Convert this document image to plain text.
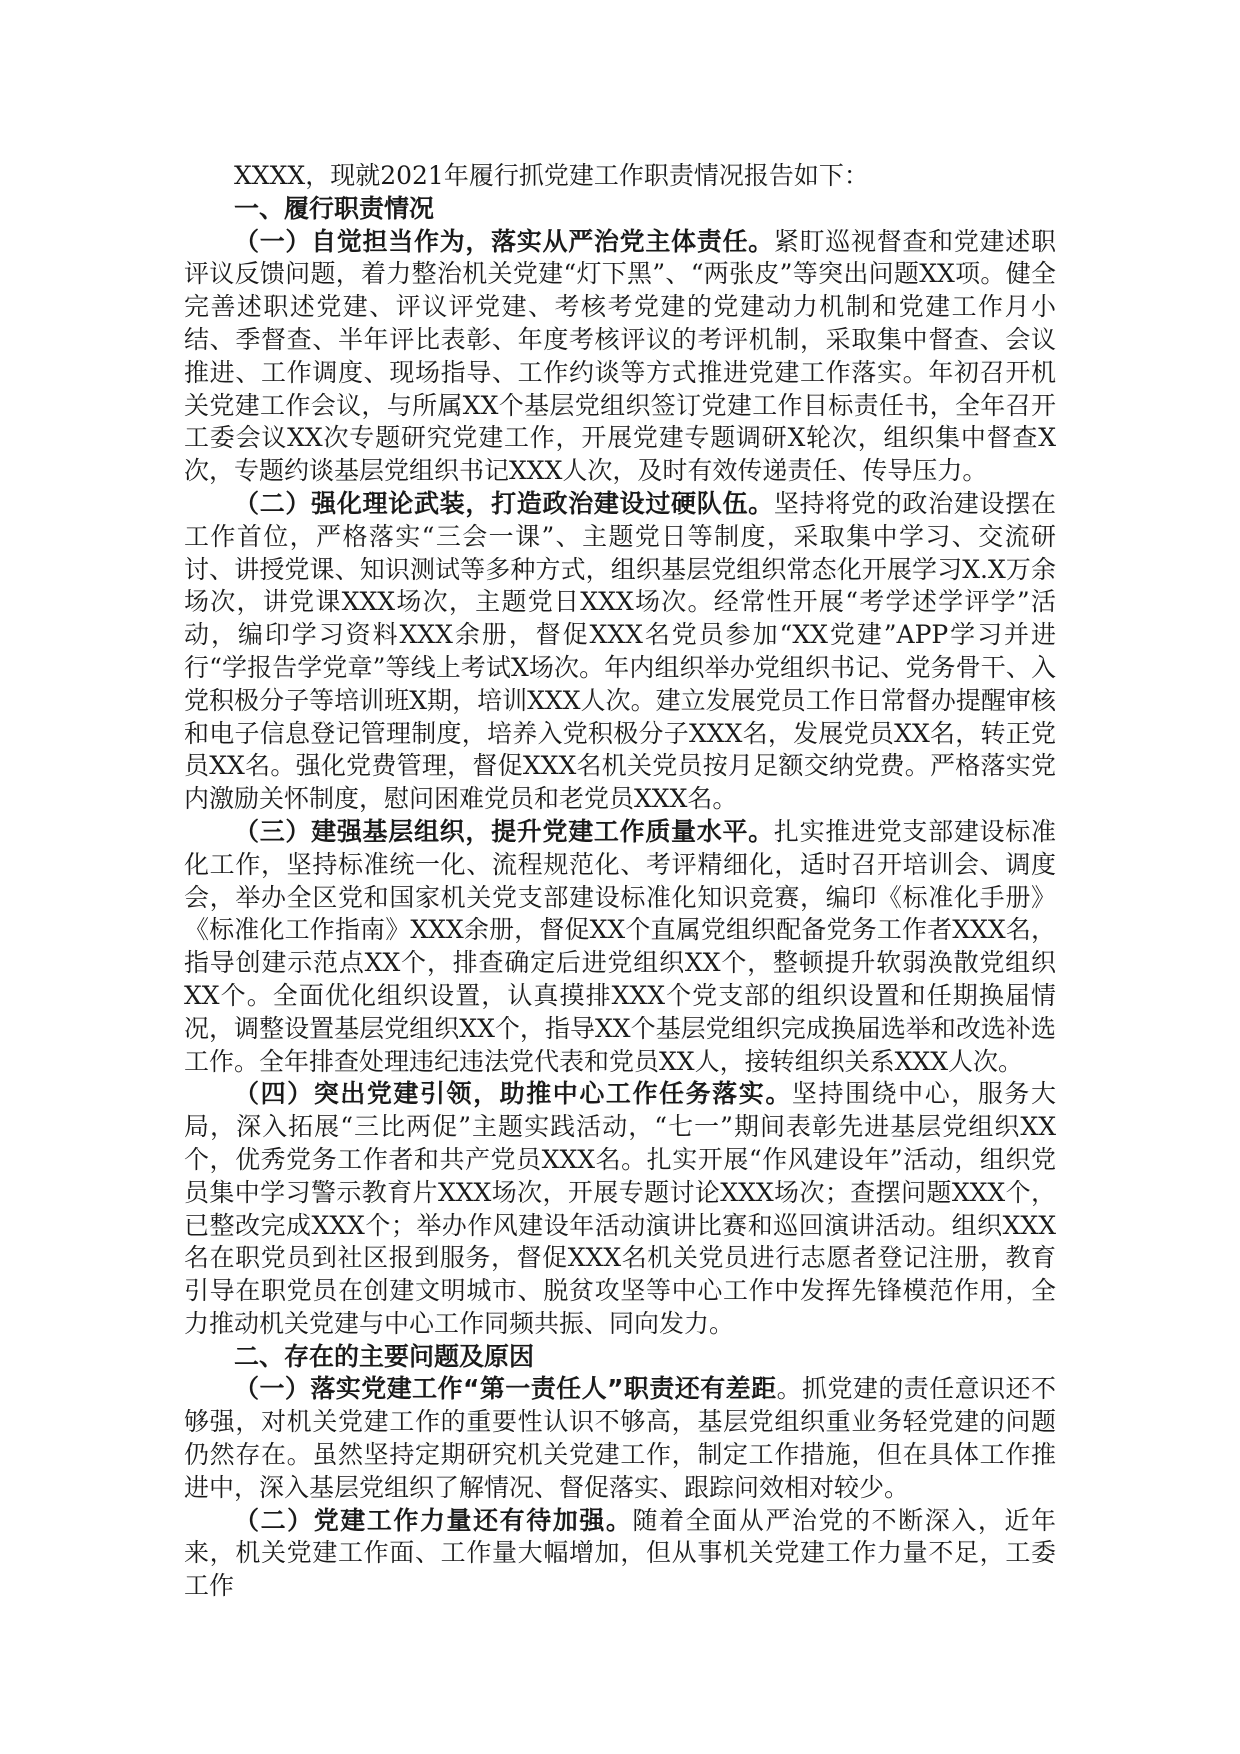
XXXX，现就2021年履行抓党建工作职责情况报告如下：

一、履行职责情况

（一）自觉担当作为，落实从严治党主体责任。紧盯巡视督查和党建述职评议反馈问题，着力整治机关党建“灯下黑”、“两张皮”等突出问题XX项。健全完善述职述党建、评议评党建、考核考党建的党建动力机制和党建工作月小结、季督查、半年评比表彰、年度考核评议的考评机制，采取集中督查、会议推进、工作调度、现场指导、工作约谈等方式推进党建工作落实。年初召开机关党建工作会议，与所属XX个基层党组织签订党建工作目标责任书，全年召开工委会议XX次专题研究党建工作，开展党建专题调研X轮次，组织集中督查X次，专题约谈基层党组织书记XXX人次，及时有效传递责任、传导压力。

（二）强化理论武装，打造政治建设过硬队伍。坚持将党的政治建设摆在工作首位，严格落实“三会一课”、主题党日等制度，采取集中学习、交流研讨、讲授党课、知识测试等多种方式，组织基层党组织常态化开展学习X.X万余场次，讲党课XXX场次，主题党日XXX场次。经常性开展“考学述学评学”活动，编印学习资料XXX余册，督促XXX名党员参加“XX党建”APP学习并进行“学报告学党章”等线上考试X场次。年内组织举办党组织书记、党务骨干、入党积极分子等培训班X期，培训XXX人次。建立发展党员工作日常督办提醒审核和电子信息登记管理制度，培养入党积极分子XXX名，发展党员XX名，转正党员XX名。强化党费管理，督促XXX名机关党员按月足额交纳党费。严格落实党内激励关怀制度，慰问困难党员和老党员XXX名。

（三）建强基层组织，提升党建工作质量水平。扎实推进党支部建设标准化工作，坚持标准统一化、流程规范化、考评精细化，适时召开培训会、调度会，举办全区党和国家机关党支部建设标准化知识竞赛，编印《标准化手册》《标准化工作指南》XXX余册，督促XX个直属党组织配备党务工作者XXX名，指导创建示范点XX个，排查确定后进党组织XX个，整顿提升软弱涣散党组织XX个。全面优化组织设置，认真摸排XXX个党支部的组织设置和任期换届情况，调整设置基层党组织XX个，指导XX个基层党组织完成换届选举和改选补选工作。全年排查处理违纪违法党代表和党员XX人，接转组织关系XXX人次。

（四）突出党建引领，助推中心工作任务落实。坚持围绕中心，服务大局，深入拓展“三比两促”主题实践活动，“七一”期间表彰先进基层党组织XX个，优秀党务工作者和共产党员XXX名。扎实开展“作风建设年”活动，组织党员集中学习警示教育片XXX场次，开展专题讨论XXX场次；查摆问题XXX个，已整改完成XXX个；举办作风建设年活动演讲比赛和巡回演讲活动。组织XXX名在职党员到社区报到服务，督促XXX名机关党员进行志愿者登记注册，教育引导在职党员在创建文明城市、脱贫攻坚等中心工作中发挥先锋模范作用，全力推动机关党建与中心工作同频共振、同向发力。

二、存在的主要问题及原因

（一）落实党建工作“第一责任人”职责还有差距。抓党建的责任意识还不够强，对机关党建工作的重要性认识不够高，基层党组织重业务轻党建的问题仍然存在。虽然坚持定期研究机关党建工作，制定工作措施，但在具体工作推进中，深入基层党组织了解情况、督促落实、跟踪问效相对较少。

（二）党建工作力量还有待加强。随着全面从严治党的不断深入，近年来，机关党建工作面、工作量大幅增加，但从事机关党建工作力量不足，工委工作
